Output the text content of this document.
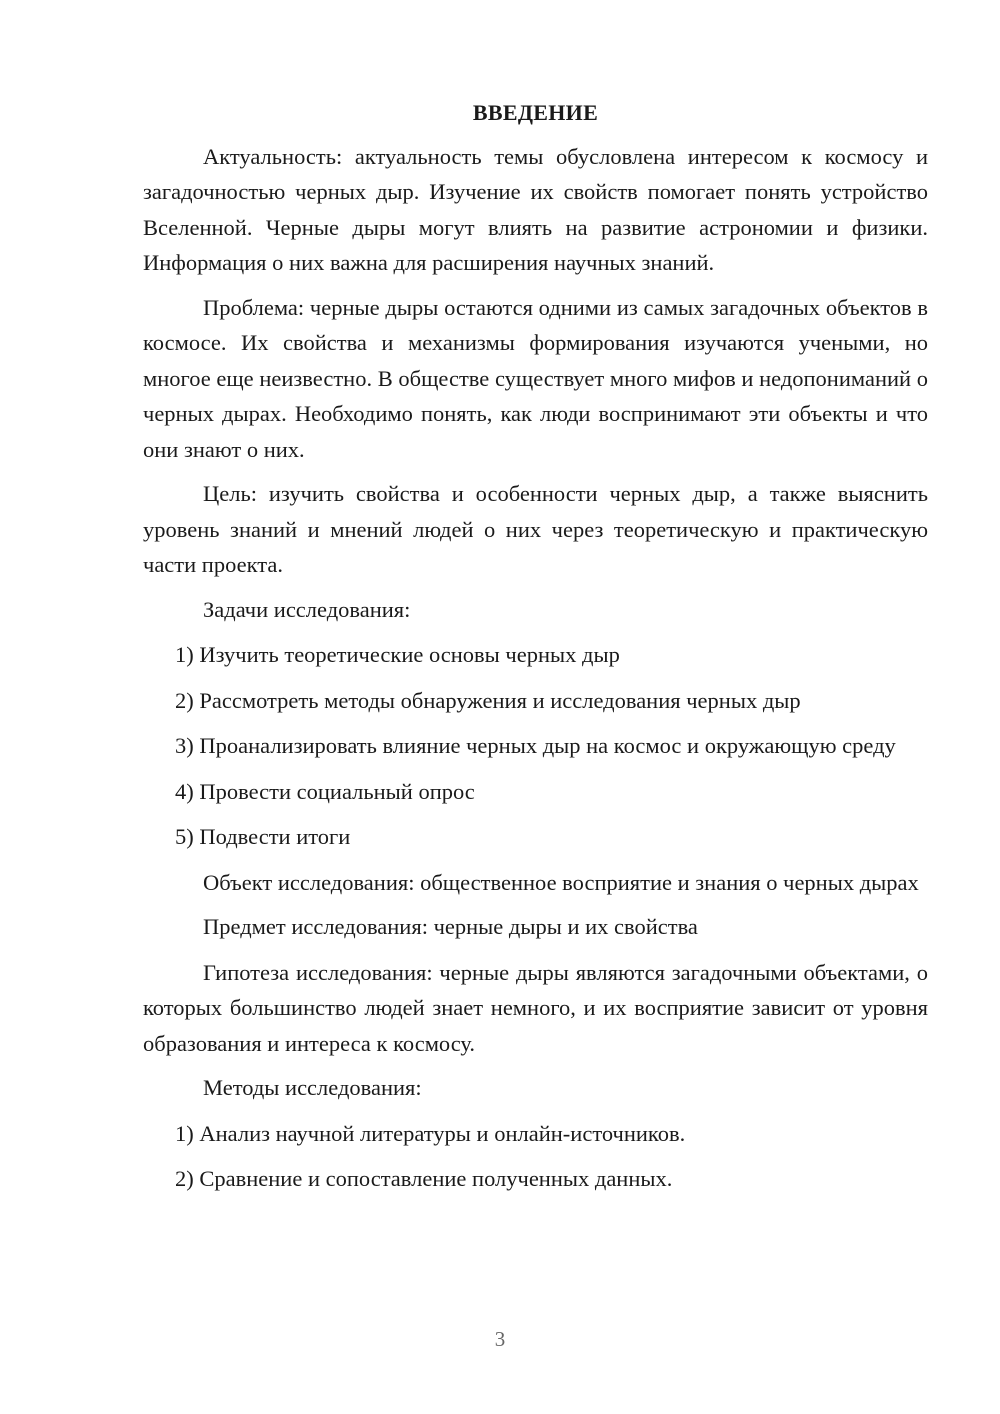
ВВЕДЕНИЕ

Актуальность: актуальность темы обусловлена интересом к космосу и загадочностью черных дыр. Изучение их свойств помогает понять устройство Вселенной. Черные дыры могут влиять на развитие астрономии и физики. Информация о них важна для расширения научных знаний.

Проблема: черные дыры остаются одними из самых загадочных объектов в космосе. Их свойства и механизмы формирования изучаются учеными, но многое еще неизвестно. В обществе существует много мифов и недопониманий о черных дырах. Необходимо понять, как люди воспринимают эти объекты и что они знают о них.

Цель: изучить свойства и особенности черных дыр, а также выяснить уровень знаний и мнений людей о них через теоретическую и практическую части проекта.

Задачи исследования:

1) Изучить теоретические основы черных дыр

2) Рассмотреть методы обнаружения и исследования черных дыр

3) Проанализировать влияние черных дыр на космос и окружающую среду

4) Провести социальный опрос

5) Подвести итоги

Объект исследования: общественное восприятие и знания о черных дырах

Предмет исследования: черные дыры и их свойства

Гипотеза исследования: черные дыры являются загадочными объектами, о которых большинство людей знает немного, и их восприятие зависит от уровня образования и интереса к космосу.

Методы исследования:

1) Анализ научной литературы и онлайн-источников.

2) Сравнение и сопоставление полученных данных.

3
